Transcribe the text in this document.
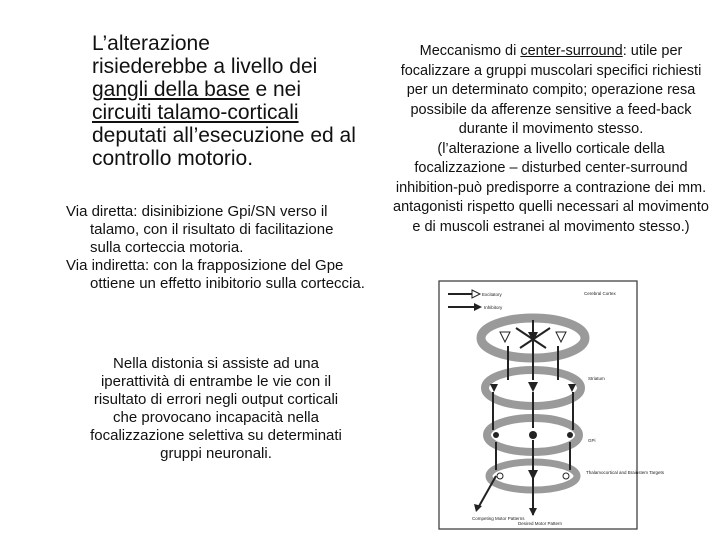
L’alterazione

risiederebbe a livello dei

gangli della base e nei

circuiti talamo-corticali

deputati all’esecuzione ed al controllo motorio.

Via diretta: disinibizione Gpi/SN verso il talamo, con il risultato di facilitazione sulla corteccia motoria.

Via indiretta: con la frapposizione del Gpe ottiene un effetto inibitorio sulla corteccia.

Nella distonia si assiste ad una iperattività di entrambe le vie con il risultato di errori negli output corticali che provocano incapacità nella focalizzazione selettiva su determinati gruppi neuronali.

Meccanismo di center-surround: utile per focalizzare a gruppi muscolari specifici richiesti per un determinato compito; operazione resa possibile da afferenze sensitive a feed-back durante il movimento stesso.

(l’alterazione a livello corticale della focalizzazione – disturbed center-surround inhibition-può predisporre a contrazione dei mm. antagonisti rispetto quelli necessari al movimento e di muscoli estranei al movimento stesso.)

Excitatory
Inhibitory
Cerebral Cortex
Striatum
GPi
Thalamocortical and Brainstem Targets
Competing Motor Patterns
Desired Motor Pattern
